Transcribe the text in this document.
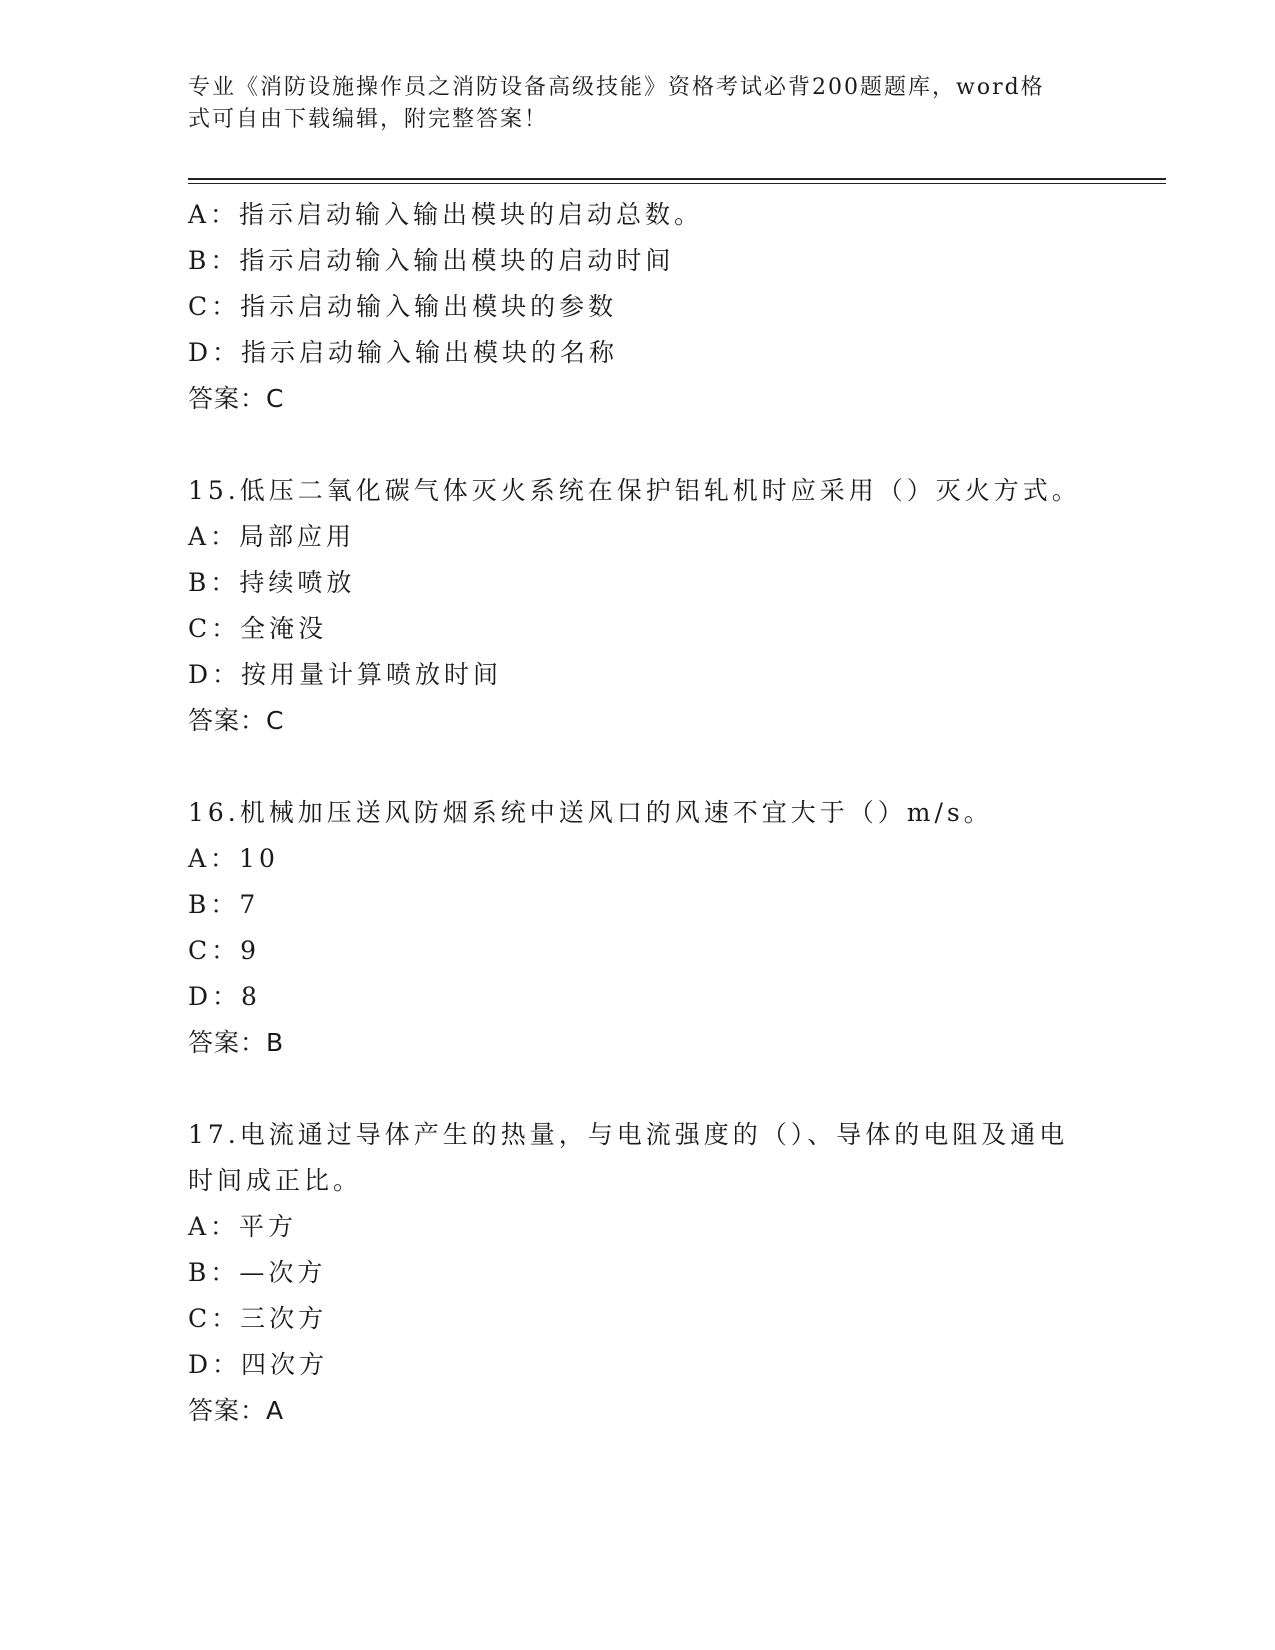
专业《消防设施操作员之消防设备高级技能》资格考试必背200题题库，word格式可自由下载编辑，附完整答案！
A：指示启动输入输出模块的启动总数。
B：指示启动输入输出模块的启动时间
C：指示启动输入输出模块的参数
D：指示启动输入输出模块的名称
答案：C
15.低压二氧化碳气体灭火系统在保护铝轧机时应采用（）灭火方式。
A：局部应用
B：持续喷放
C：全淹没
D：按用量计算喷放时间
答案：C
16.机械加压送风防烟系统中送风口的风速不宜大于（）m/s。
A：10
B：7
C：9
D：8
答案：B
17.电流通过导体产生的热量，与电流强度的（）、导体的电阻及通电
时间成正比。
A：平方
B：—次方
C：三次方
D：四次方
答案：A
